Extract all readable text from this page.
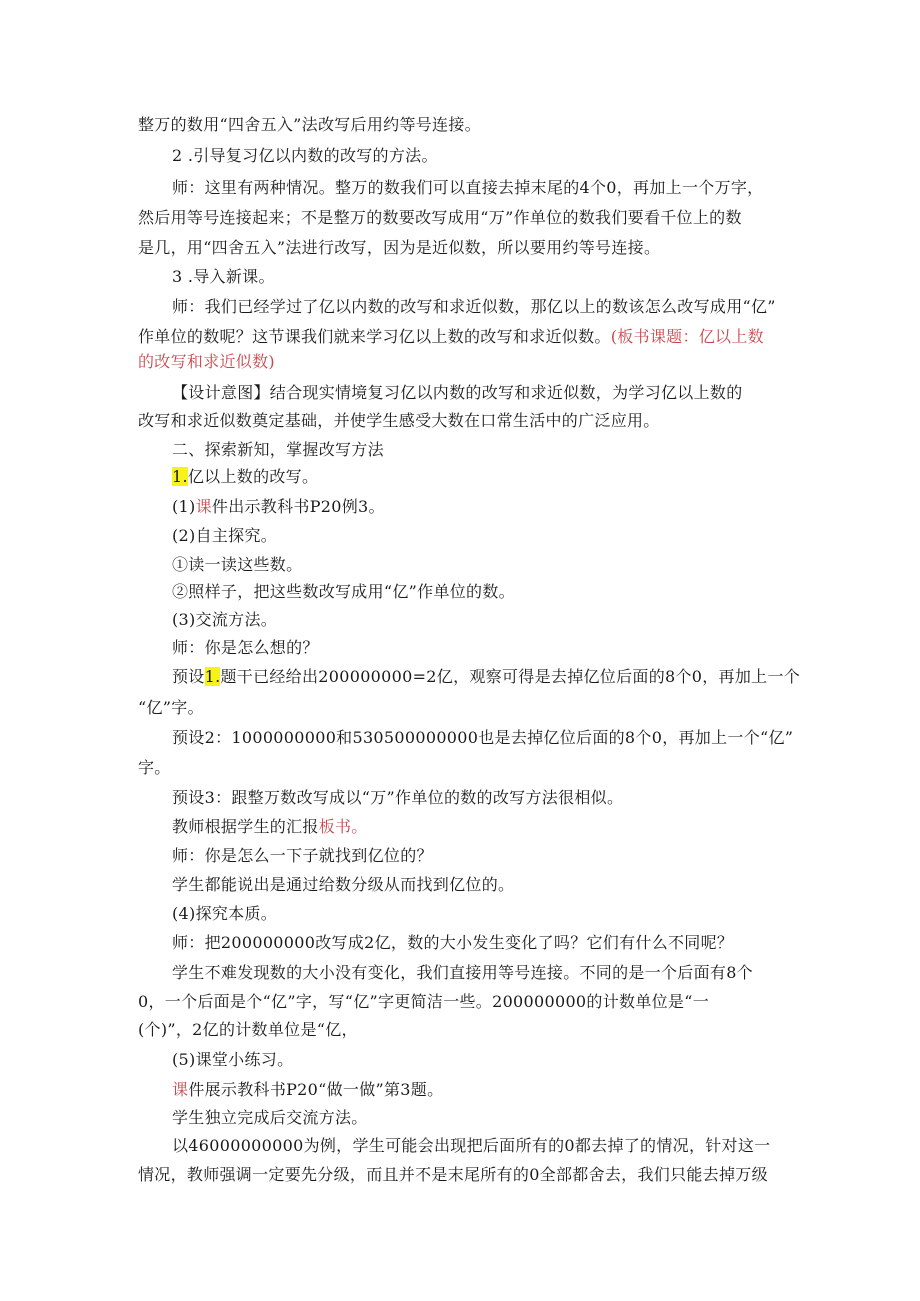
整万的数用“四舍五入”法改写后用约等号连接。
2 .引导复习亿以内数的改写的方法。
师：这里有两种情况。整万的数我们可以直接去掉末尾的4个0，再加上一个万字，
然后用等号连接起来；不是整万的数要改写成用“万”作单位的数我们要看千位上的数
是几，用“四舍五入”法进行改写，因为是近似数，所以要用约等号连接。
3 .导入新课。
师：我们已经学过了亿以内数的改写和求近似数，那亿以上的数该怎么改写成用“亿”
作单位的数呢？这节课我们就来学习亿以上数的改写和求近似数。(板书课题：亿以上数
的改写和求近似数)
【设计意图】结合现实情境复习亿以内数的改写和求近似数，为学习亿以上数的
改写和求近似数奠定基础，并使学生感受大数在口常生活中的广泛应用。
二、探索新知，掌握改写方法
1.亿以上数的改写。
(1)课件出示教科书P20例3。
(2)自主探究。
①读一读这些数。
②照样子，把这些数改写成用“亿”作单位的数。
(3)交流方法。
师：你是怎么想的？
预设1.题干已经给出200000000=2亿，观察可得是去掉亿位后面的8个0，再加上一个
“亿”字。
预设2：1000000000和530500000000也是去掉亿位后面的8个0，再加上一个“亿”
字。
预设3：跟整万数改写成以“万”作单位的数的改写方法很相似。
教师根据学生的汇报板书。
师：你是怎么一下子就找到亿位的？
学生都能说出是通过给数分级从而找到亿位的。
(4)探究本质。
师：把200000000改写成2亿，数的大小发生变化了吗？它们有什么不同呢？
学生不难发现数的大小没有变化，我们直接用等号连接。不同的是一个后面有8个
0，一个后面是个“亿”字，写“亿”字更简洁一些。200000000的计数单位是“一
(个)”，2亿的计数单位是“亿，
(5)课堂小练习。
课件展示教科书P20“做一做”第3题。
学生独立完成后交流方法。
以46000000000为例，学生可能会出现把后面所有的0都去掉了的情况，针对这一
情况，教师强调一定要先分级，而且并不是末尾所有的0全部都舍去，我们只能去掉万级
